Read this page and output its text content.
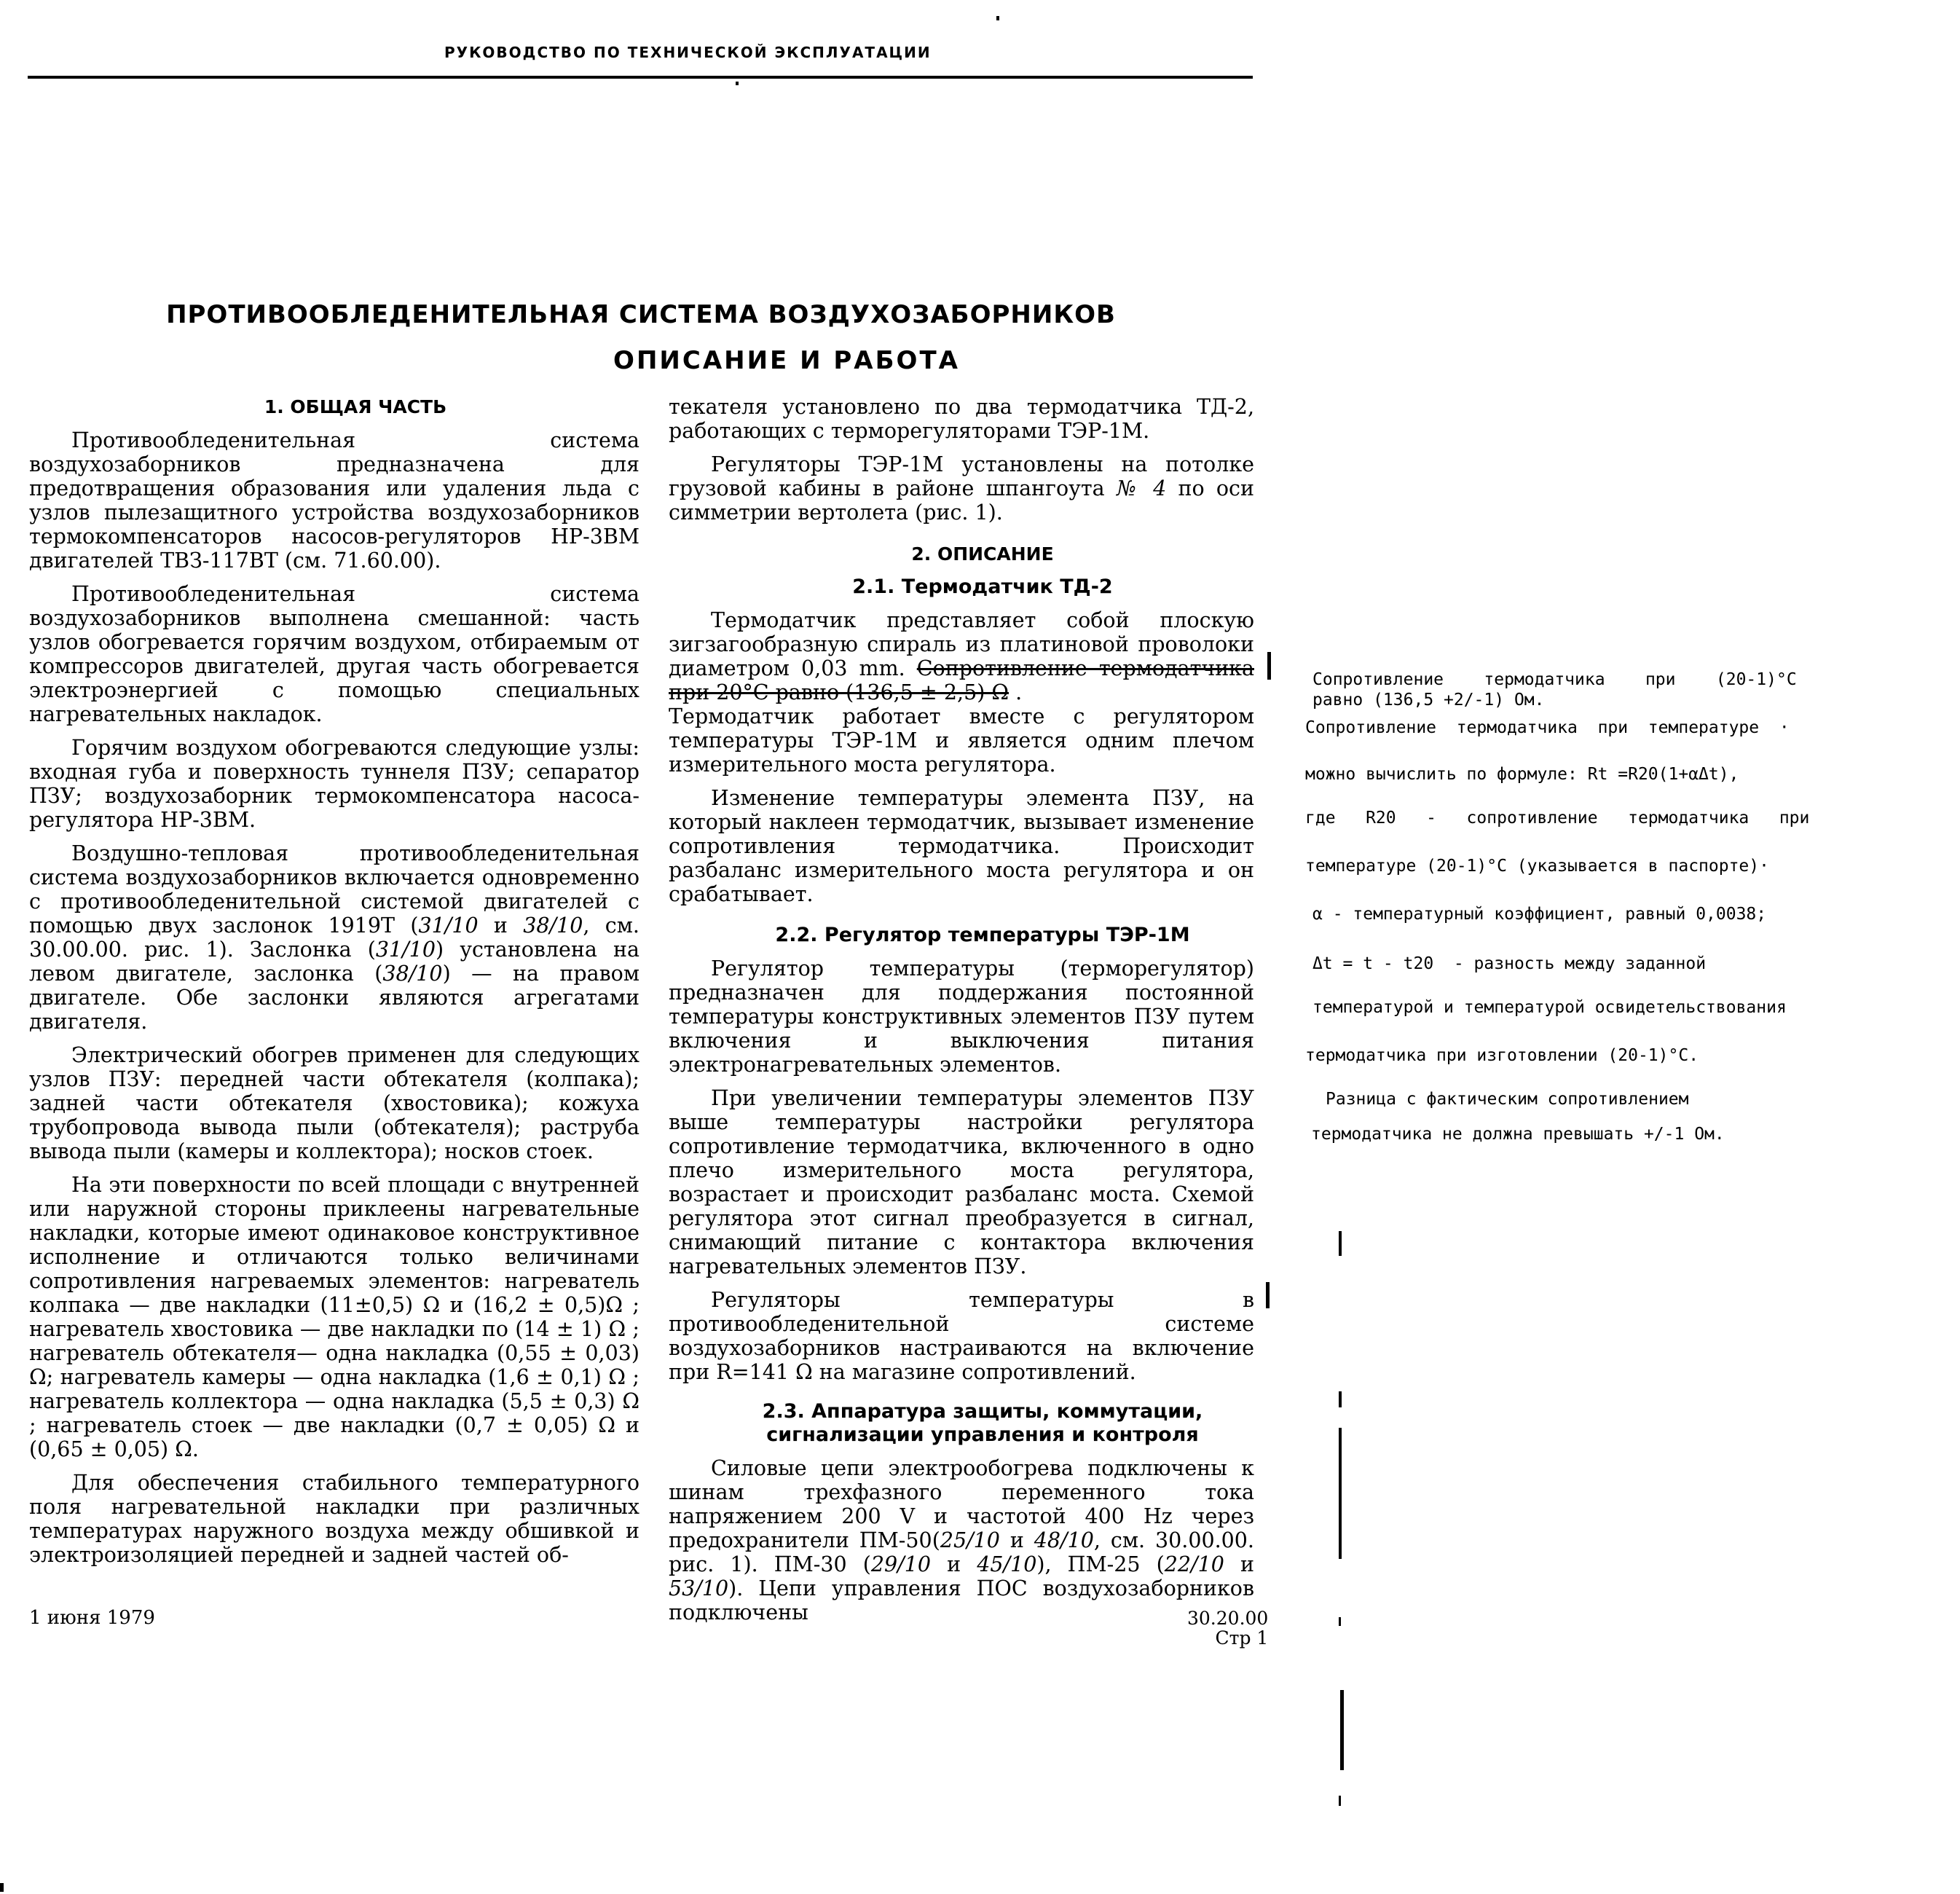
РУКОВОДСТВО ПО ТЕХНИЧЕСКОЙ ЭКСПЛУАТАЦИИ
ПРОТИВООБЛЕДЕНИТЕЛЬНАЯ СИСТЕМА ВОЗДУХОЗАБОРНИКОВ
ОПИСАНИЕ И РАБОТА

1. ОБЩАЯ ЧАСТЬ

Противообледенительная система воздухозаборников предназначена для предотвращения образования или удаления льда с узлов пылезащитного устройства воздухозаборников термокомпенсаторов насосов-регуляторов НР-3ВМ двигателей ТВЗ-117ВТ (см. 71.60.00).

Противообледенительная система воздухозаборников выполнена смешанной: часть узлов обогревается горячим воздухом, отбираемым от компрессоров двигателей, другая часть обогревается электроэнергией с помощью специальных нагревательных накладок.

Горячим воздухом обогреваются следующие узлы: входная губа и поверхность туннеля ПЗУ; сепаратор ПЗУ; воздухозаборник термокомпенсатора насоса-регулятора НР-3ВМ.

Воздушно-тепловая противообледенительная система воздухозаборников включается одновременно с противообледенительной системой двигателей с помощью двух заслонок 1919Т (31/10 и 38/10, см. 30.00.00. рис. 1). Заслонка (31/10) установлена на левом двигателе, заслонка (38/10) — на правом двигателе. Обе заслонки являются агрегатами двигателя.

Электрический обогрев применен для следующих узлов ПЗУ: передней части обтекателя (колпака); задней части обтекателя (хвостовика); кожуха трубопровода вывода пыли (обтекателя); раструба вывода пыли (камеры и коллектора); носков стоек.

На эти поверхности по всей площади с внутренней или наружной стороны приклеены нагревательные накладки, которые имеют одинаковое конструктивное исполнение и отличаются только величинами сопротивления нагреваемых элементов: нагреватель колпака — две накладки (11±0,5) Ω и (16,2 ± 0,5)Ω ; нагреватель хвостовика — две накладки по (14 ± 1) Ω ; нагреватель обтекателя— одна накладка (0,55 ± 0,03) Ω; нагреватель камеры — одна накладка (1,6 ± 0,1) Ω ; нагреватель коллектора — одна накладка (5,5 ± 0,3) Ω ; нагреватель стоек — две накладки (0,7 ± 0,05) Ω и (0,65 ± 0,05) Ω.

Для обеспечения стабильного температурного поля нагревательной накладки при различных температурах наружного воздуха между обшивкой и электроизоляцией передней и задней частей об-

текателя установлено по два термодатчика ТД-2, работающих с терморегуляторами ТЭР-1М.

Регуляторы ТЭР-1М установлены на потолке грузовой кабины в районе шпангоута № 4 по оси симметрии вертолета (рис. 1).

2. ОПИСАНИЕ

2.1. Термодатчик ТД-2

Термодатчик представляет собой плоскую зигзагообразную спираль из платиновой проволоки диаметром 0,03 mm. Сопротивление термодатчика при 20°С равно (136,5 ± 2,5) Ω .

Термодатчик работает вместе с регулятором температуры ТЭР-1М и является одним плечом измерительного моста регулятора.

Изменение температуры элемента ПЗУ, на который наклеен термодатчик, вызывает изменение сопротивления термодатчика. Происходит разбаланс измерительного моста регулятора и он срабатывает.

2.2. Регулятор температуры ТЭР-1М

Регулятор температуры (терморегулятор) предназначен для поддержания постоянной температуры конструктивных элементов ПЗУ путем включения и выключения питания электронагревательных элементов.

При увеличении температуры элементов ПЗУ выше температуры настройки регулятора сопротивление термодатчика, включенного в одно плечо измерительного моста регулятора, возрастает и происходит разбаланс моста. Схемой регулятора этот сигнал преобразуется в сигнал, снимающий питание с контактора включения нагревательных элементов ПЗУ.

Регуляторы температуры в противообледенительной системе воздухозаборников настраиваются на включение при R=141 Ω на магазине сопротивлений.

2.3. Аппаратура защиты, коммутации,

сигнализации управления и контроля

Силовые цепи электрообогрева подключены к шинам трехфазного переменного тока напряжением 200 V и частотой 400 Hz через предохранители ПМ-50(25/10 и 48/10, см. 30.00.00. рис. 1). ПМ-30 (29/10 и 45/10), ПМ-25 (22/10 и 53/10). Цепи управления ПОС воздухозаборников подключены

Сопротивление    термодатчика    при    (20-1)°С
равно (136,5 +2/-1) Ом.
Сопротивление  термодатчика  при  температуре  ·
можно вычислить по формуле: Rt =R20(1+αΔt),
где   R20   -   сопротивление   термодатчика   при
температуре (20-1)°С (указывается в паспорте)·
α - температурный коэффициент, равный 0,0038;
Δt = t - t20  - разность между заданной
температурой и температурой освидетельствования
термодатчика при изготовлении (20-1)°С.
Разница с фактическим сопротивлением
термодатчика не должна превышать +/-1 Ом.
1 июня 1979	30.20.00
Стр 1
